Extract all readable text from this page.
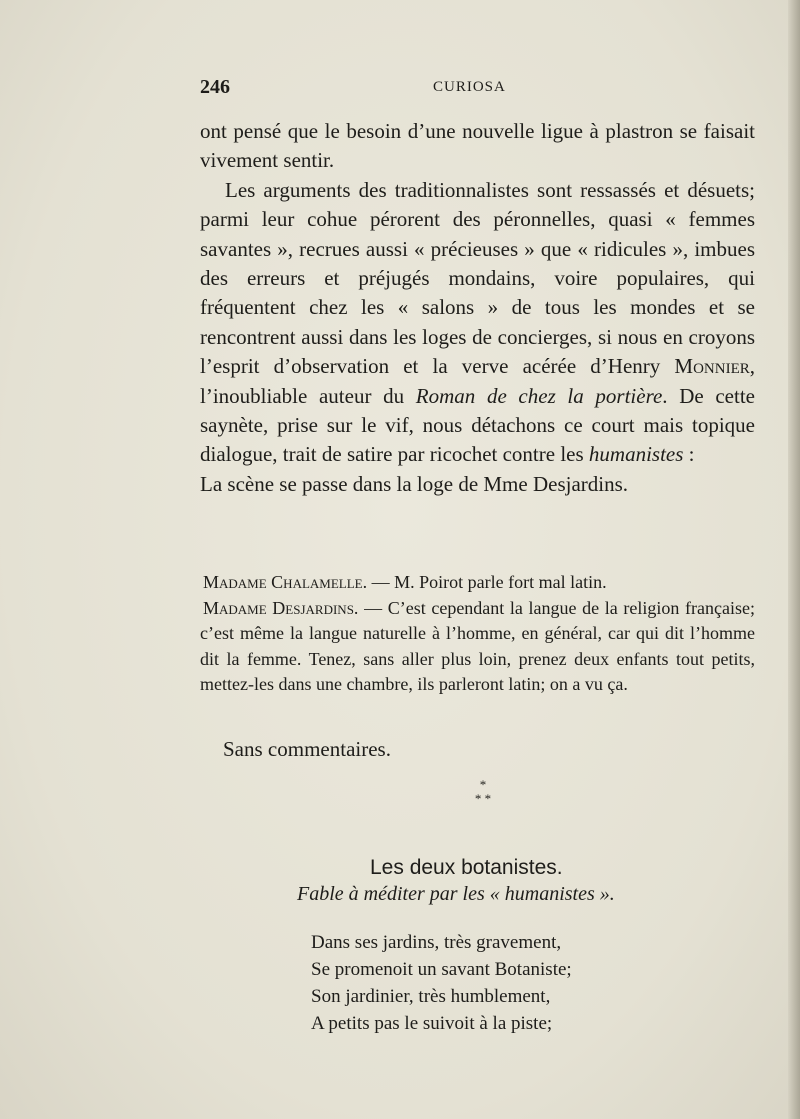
246	CURIOSA

ont pensé que le besoin d’une nouvelle ligue à plastron se faisait vivement sentir.

Les arguments des traditionnalistes sont ressassés et désuets; parmi leur cohue pérorent des péronnelles, quasi « femmes savantes », recrues aussi « précieuses » que « ridicules », imbues des erreurs et préjugés mondains, voire populaires, qui fréquentent chez les « salons » de tous les mondes et se rencontrent aussi dans les loges de concierges, si nous en croyons l’esprit d’observation et la verve acérée d’Henry Monnier, l’inoubliable auteur du Roman de chez la portière. De cette saynète, prise sur le vif, nous détachons ce court mais topique dialogue, trait de satire par ricochet contre les humanistes :

La scène se passe dans la loge de Mme Desjardins.

Madame Chalamelle. — M. Poirot parle fort mal latin.

Madame Desjardins. — C’est cependant la langue de la religion française; c’est même la langue naturelle à l’homme, en général, car qui dit l’homme dit la femme. Tenez, sans aller plus loin, prenez deux enfants tout petits, mettez-les dans une chambre, ils parleront latin; on a vu ça.

Sans commentaires.
*
* *
Les deux botanistes.
Fable à méditer par les « humanistes ».
Dans ses jardins, très gravement,
Se promenoit un savant Botaniste;
Son jardinier, très humblement,
A petits pas le suivoit à la piste;
